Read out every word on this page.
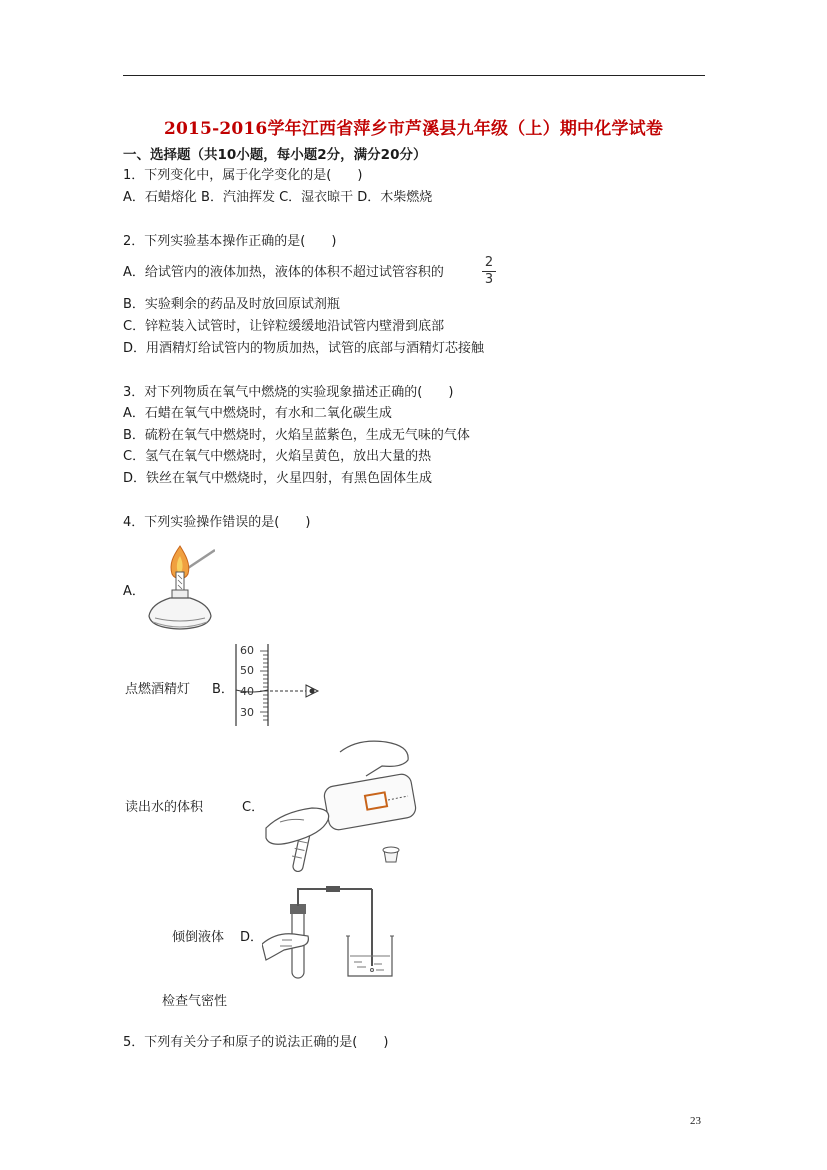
2015-2016学年江西省萍乡市芦溪县九年级（上）期中化学试卷
一、选择题（共10小题，每小题2分，满分20分）
1．下列变化中，属于化学变化的是(　　)
A．石蜡熔化 B．汽油挥发 C．湿衣晾干 D．木柴燃烧
2．下列实验基本操作正确的是(　　)
A．给试管内的液体加热，液体的体积不超过试管容积的
2
3
B．实验剩余的药品及时放回原试剂瓶
C．锌粒装入试管时，让锌粒缓缓地沿试管内壁滑到底部
D．用酒精灯给试管内的物质加热，试管的底部与酒精灯芯接触
3．对下列物质在氧气中燃烧的实验现象描述正确的(　　)
A．石蜡在氧气中燃烧时，有水和二氧化碳生成
B．硫粉在氧气中燃烧时，火焰呈蓝紫色，生成无气味的气体
C．氢气在氧气中燃烧时，火焰呈黄色，放出大量的热
D．铁丝在氧气中燃烧时，火星四射，有黑色固体生成
4．下列实验操作错误的是(　　)
A．
点燃酒精灯 B．
60
50
40
30
读出水的体积	C．
倾倒液体 D．
检查气密性
5．下列有关分子和原子的说法正确的是(　　)
23
